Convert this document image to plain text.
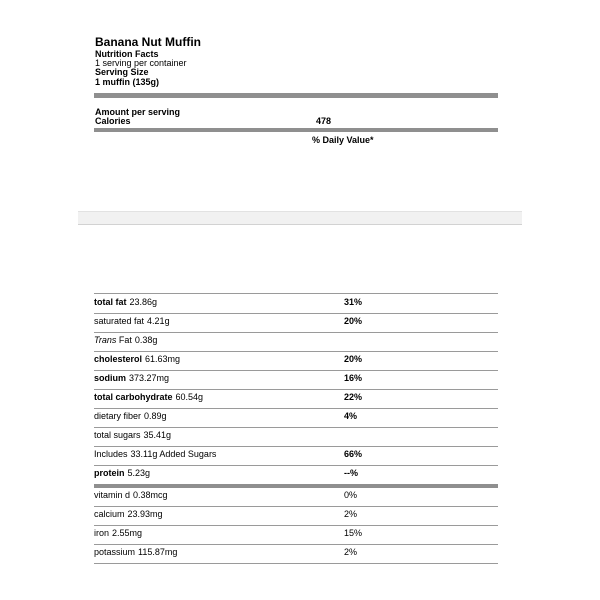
Banana Nut Muffin
Nutrition Facts
1 serving per container
Serving Size
1 muffin (135g)
Amount per serving
Calories	478
% Daily Value*
total fat 23.86g	31%
saturated fat 4.21g	20%
Trans Fat 0.38g
cholesterol 61.63mg	20%
sodium 373.27mg	16%
total carbohydrate 60.54g	22%
dietary fiber 0.89g	4%
total sugars 35.41g
Includes 33.11g Added Sugars	66%
protein 5.23g	--%
vitamin d 0.38mcg	0%
calcium 23.93mg	2%
iron 2.55mg	15%
potassium 115.87mg	2%
